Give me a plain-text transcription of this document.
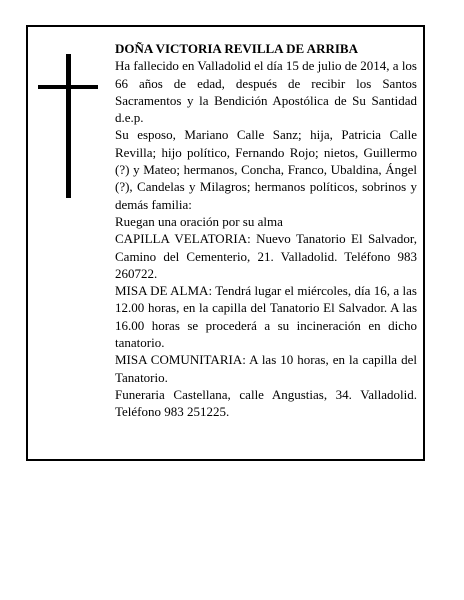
DOÑA VICTORIA REVILLA DE ARRIBA

Ha fallecido en Valladolid el día 15 de julio de 2014, a los 66 años de edad, después de recibir los Santos Sacramentos y la Bendición Apostólica de Su Santidad d.e.p.

Su esposo, Mariano Calle Sanz; hija, Patricia Calle Revilla; hijo político, Fernando Rojo; nietos, Guillermo (?) y Mateo; hermanos, Concha, Franco, Ubaldina, Ángel (?), Candelas y Milagros; hermanos políticos, sobrinos y demás familia:

Ruegan una oración por su alma

CAPILLA VELATORIA: Nuevo Tanatorio El Salvador, Camino del Cementerio, 21. Valladolid. Teléfono 983 260722.

MISA DE ALMA: Tendrá lugar el miércoles, día 16, a las 12.00 horas, en la capilla del Tanatorio El Salvador. A las 16.00 horas se procederá a su incineración en dicho tanatorio.

MISA COMUNITARIA: A las 10 horas, en la capilla del Tanatorio.

Funeraria Castellana, calle Angustias, 34. Valladolid. Teléfono 983 251225.
